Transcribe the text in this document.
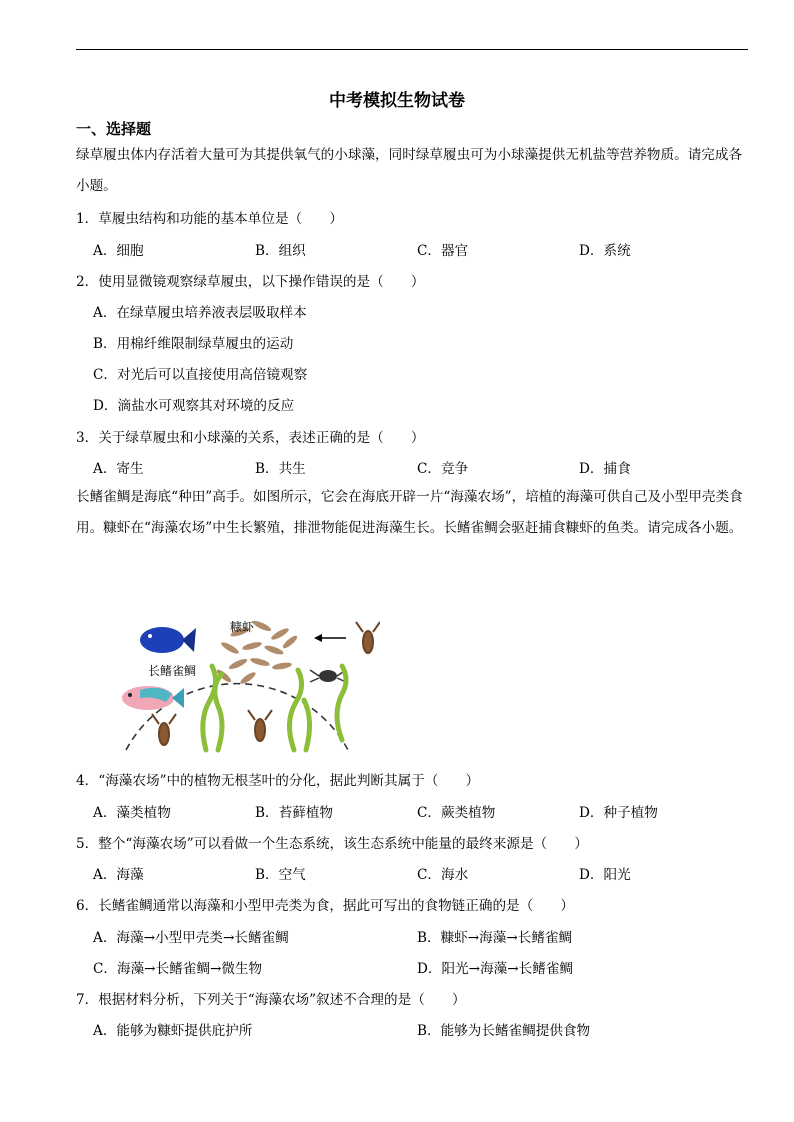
中考模拟生物试卷
一、选择题
绿草履虫体内存活着大量可为其提供氧气的小球藻，同时绿草履虫可为小球藻提供无机盐等营养物质。请完成各小题。
1．草履虫结构和功能的基本单位是（　　）
A．细胞	B．组织	C．器官	D．系统
2．使用显微镜观察绿草履虫，以下操作错误的是（　　）
A．在绿草履虫培养液表层吸取样本
B．用棉纤维限制绿草履虫的运动
C．对光后可以直接使用高倍镜观察
D．滴盐水可观察其对环境的反应
3．关于绿草履虫和小球藻的关系，表述正确的是（　　）
A．寄生	B．共生	C．竞争	D．捕食
长鳍雀鲷是海底“种田”高手。如图所示，它会在海底开辟一片“海藻农场”，培植的海藻可供自己及小型甲壳类食用。糠虾在“海藻农场”中生长繁殖，排泄物能促进海藻生长。长鳍雀鲷会驱赶捕食糠虾的鱼类。请完成各小题。
糠虾
长鳍雀鲷
4．“海藻农场”中的植物无根茎叶的分化，据此判断其属于（　　）
A．藻类植物	B．苔藓植物	C．蕨类植物	D．种子植物
5．整个“海藻农场”可以看做一个生态系统，该生态系统中能量的最终来源是（　　）
A．海藻	B．空气	C．海水	D．阳光
6．长鳍雀鲷通常以海藻和小型甲壳类为食，据此可写出的食物链正确的是（　　）
A．海藻→小型甲壳类→长鳍雀鲷	B．糠虾→海藻→长鳍雀鲷
C．海藻→长鳍雀鲷→微生物	D．阳光→海藻→长鳍雀鲷
7．根据材料分析，下列关于“海藻农场”叙述不合理的是（　　）
A．能够为糠虾提供庇护所	B．能够为长鳍雀鲷提供食物
